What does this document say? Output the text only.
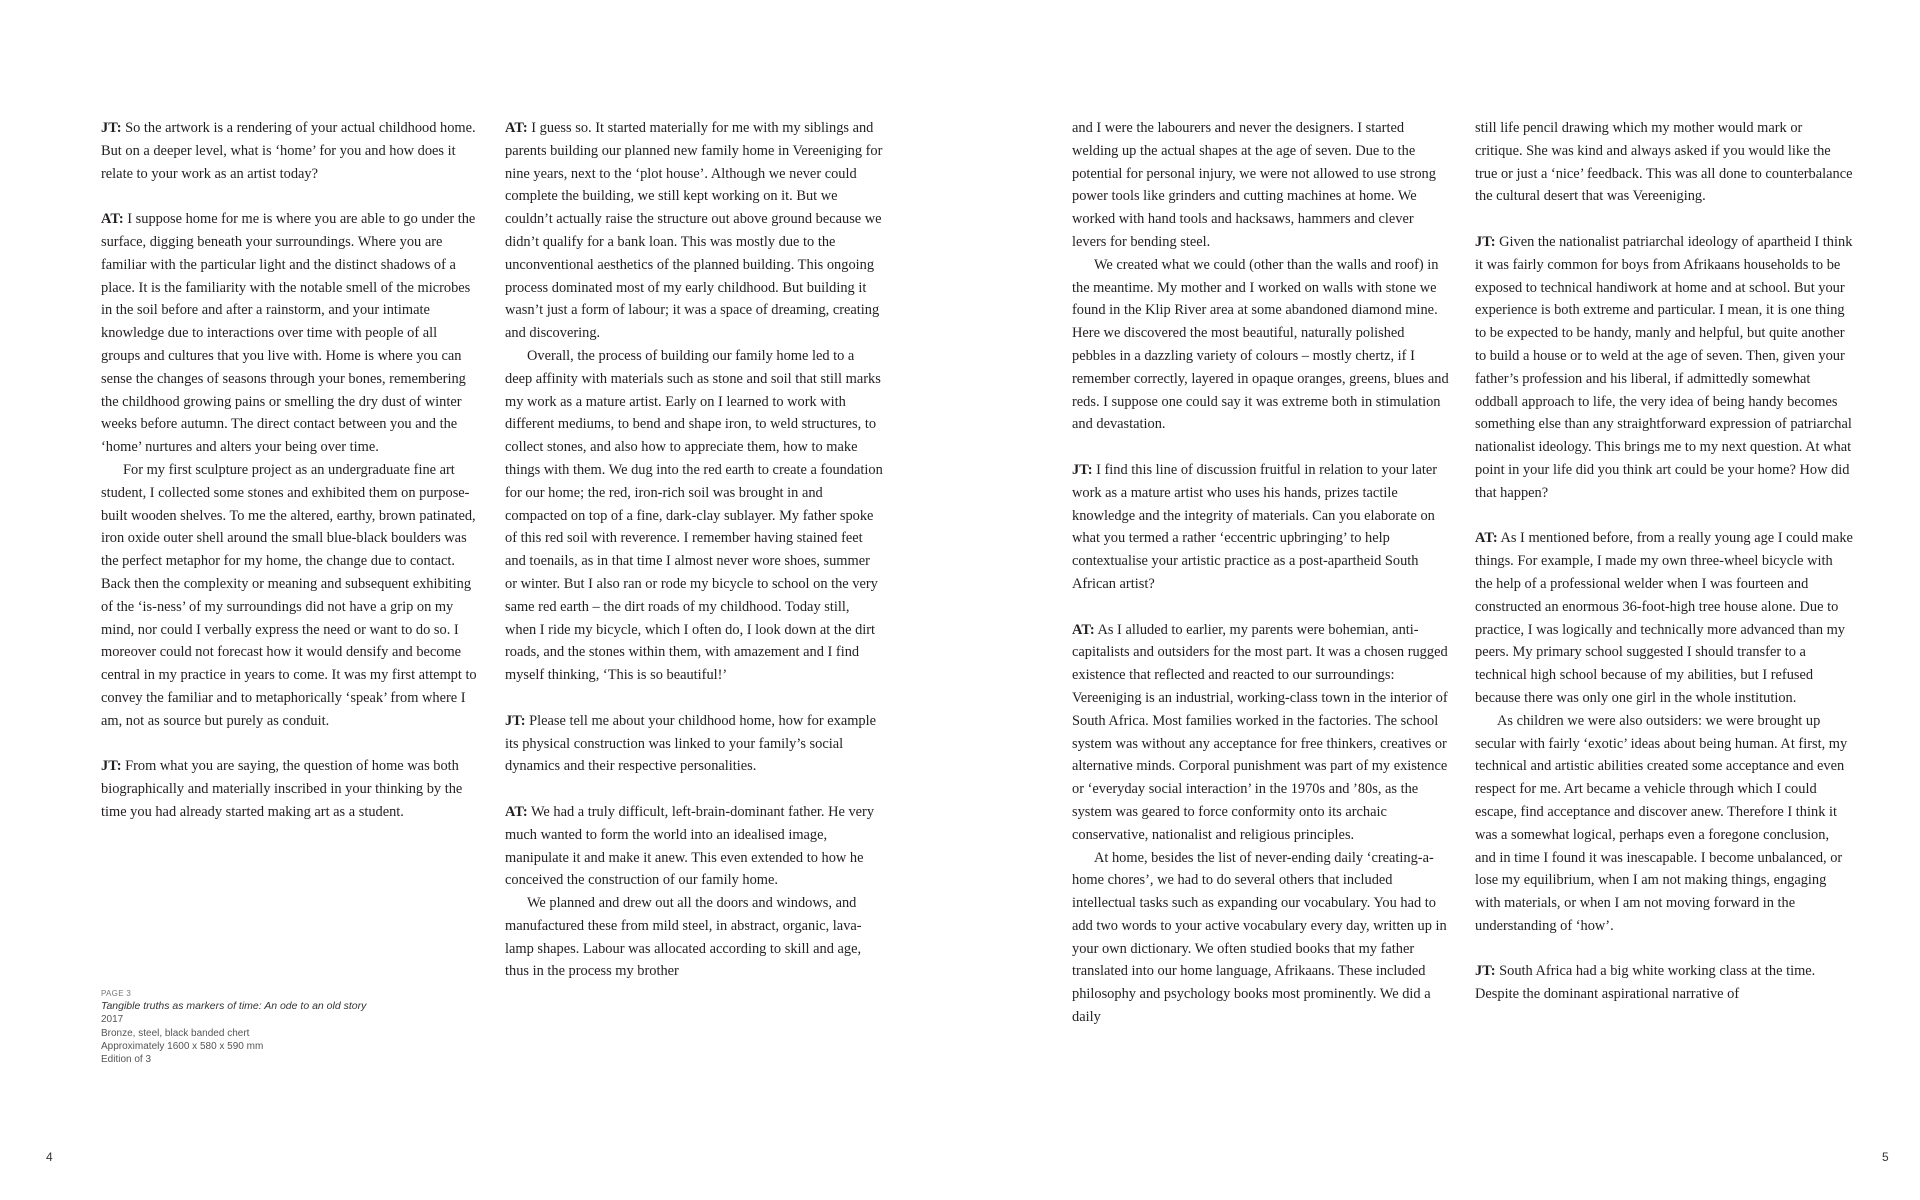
JT: So the artwork is a rendering of your actual childhood home. But on a deeper level, what is ‘home’ for you and how does it relate to your work as an artist today?

AT: I suppose home for me is where you are able to go under the surface, digging beneath your surroundings. Where you are familiar with the particular light and the distinct shadows of a place. It is the familiarity with the notable smell of the microbes in the soil before and after a rainstorm, and your intimate knowledge due to interactions over time with people of all groups and cultures that you live with. Home is where you can sense the changes of seasons through your bones, remembering the childhood growing pains or smelling the dry dust of winter weeks before autumn. The direct contact between you and the ‘home’ nurtures and alters your being over time.

For my first sculpture project as an undergraduate fine art student, I collected some stones and exhibited them on purpose-built wooden shelves. To me the altered, earthy, brown patinated, iron oxide outer shell around the small blue-black boulders was the perfect metaphor for my home, the change due to contact. Back then the complexity or meaning and subsequent exhibiting of the ‘is-ness’ of my surroundings did not have a grip on my mind, nor could I verbally express the need or want to do so. I moreover could not forecast how it would densify and become central in my practice in years to come. It was my first attempt to convey the familiar and to metaphorically ‘speak’ from where I am, not as source but purely as conduit.

JT: From what you are saying, the question of home was both biographically and materially inscribed in your thinking by the time you had already started making art as a student.

AT: I guess so. It started materially for me with my siblings and parents building our planned new family home in Vereeniging for nine years, next to the ‘plot house’. Although we never could complete the building, we still kept working on it. But we couldn’t actually raise the structure out above ground because we didn’t qualify for a bank loan. This was mostly due to the unconventional aesthetics of the planned building. This ongoing process dominated most of my early childhood. But building it wasn’t just a form of labour; it was a space of dreaming, creating and discovering.

Overall, the process of building our family home led to a deep affinity with materials such as stone and soil that still marks my work as a mature artist. Early on I learned to work with different mediums, to bend and shape iron, to weld structures, to collect stones, and also how to appreciate them, how to make things with them. We dug into the red earth to create a foundation for our home; the red, iron-rich soil was brought in and compacted on top of a fine, dark-clay sublayer. My father spoke of this red soil with reverence. I remember having stained feet and toenails, as in that time I almost never wore shoes, summer or winter. But I also ran or rode my bicycle to school on the very same red earth – the dirt roads of my childhood. Today still, when I ride my bicycle, which I often do, I look down at the dirt roads, and the stones within them, with amazement and I find myself thinking, ‘This is so beautiful!’

JT: Please tell me about your childhood home, how for example its physical construction was linked to your family’s social dynamics and their respective personalities.

AT: We had a truly difficult, left-brain-dominant father. He very much wanted to form the world into an idealised image, manipulate it and make it anew. This even extended to how he conceived the construction of our family home.

We planned and drew out all the doors and windows, and manufactured these from mild steel, in abstract, organic, lava-lamp shapes. Labour was allocated according to skill and age, thus in the process my brother

and I were the labourers and never the designers. I started welding up the actual shapes at the age of seven. Due to the potential for personal injury, we were not allowed to use strong power tools like grinders and cutting machines at home. We worked with hand tools and hacksaws, hammers and clever levers for bending steel.

We created what we could (other than the walls and roof) in the meantime. My mother and I worked on walls with stone we found in the Klip River area at some abandoned diamond mine. Here we discovered the most beautiful, naturally polished pebbles in a dazzling variety of colours – mostly chertz, if I remember correctly, layered in opaque oranges, greens, blues and reds. I suppose one could say it was extreme both in stimulation and devastation.

JT: I find this line of discussion fruitful in relation to your later work as a mature artist who uses his hands, prizes tactile knowledge and the integrity of materials. Can you elaborate on what you termed a rather ‘eccentric upbringing’ to help contextualise your artistic practice as a post-apartheid South African artist?

AT: As I alluded to earlier, my parents were bohemian, anti-capitalists and outsiders for the most part. It was a chosen rugged existence that reflected and reacted to our surroundings: Vereeniging is an industrial, working-class town in the interior of South Africa. Most families worked in the factories. The school system was without any acceptance for free thinkers, creatives or alternative minds. Corporal punishment was part of my existence or ‘everyday social interaction’ in the 1970s and ’80s, as the system was geared to force conformity onto its archaic conservative, nationalist and religious principles.

At home, besides the list of never-ending daily ‘creating-a-home chores’, we had to do several others that included intellectual tasks such as expanding our vocabulary. You had to add two words to your active vocabulary every day, written up in your own dictionary. We often studied books that my father translated into our home language, Afrikaans. These included philosophy and psychology books most prominently. We did a daily

still life pencil drawing which my mother would mark or critique. She was kind and always asked if you would like the true or just a ‘nice’ feedback. This was all done to counterbalance the cultural desert that was Vereeniging.

JT: Given the nationalist patriarchal ideology of apartheid I think it was fairly common for boys from Afrikaans households to be exposed to technical handiwork at home and at school. But your experience is both extreme and particular. I mean, it is one thing to be expected to be handy, manly and helpful, but quite another to build a house or to weld at the age of seven. Then, given your father’s profession and his liberal, if admittedly somewhat oddball approach to life, the very idea of being handy becomes something else than any straightforward expression of patriarchal nationalist ideology. This brings me to my next question. At what point in your life did you think art could be your home? How did that happen?

AT: As I mentioned before, from a really young age I could make things. For example, I made my own three-wheel bicycle with the help of a professional welder when I was fourteen and constructed an enormous 36-foot-high tree house alone. Due to practice, I was logically and technically more advanced than my peers. My primary school suggested I should transfer to a technical high school because of my abilities, but I refused because there was only one girl in the whole institution.

As children we were also outsiders: we were brought up secular with fairly ‘exotic’ ideas about being human. At first, my technical and artistic abilities created some acceptance and even respect for me. Art became a vehicle through which I could escape, find acceptance and discover anew. Therefore I think it was a somewhat logical, perhaps even a foregone conclusion, and in time I found it was inescapable. I become unbalanced, or lose my equilibrium, when I am not making things, engaging with materials, or when I am not moving forward in the understanding of ‘how’.

JT: South Africa had a big white working class at the time. Despite the dominant aspirational narrative of

PAGE 3
Tangible truths as markers of time: An ode to an old story
2017
Bronze, steel, black banded chert
Approximately 1600 x 580 x 590 mm
Edition of 3
4	5
